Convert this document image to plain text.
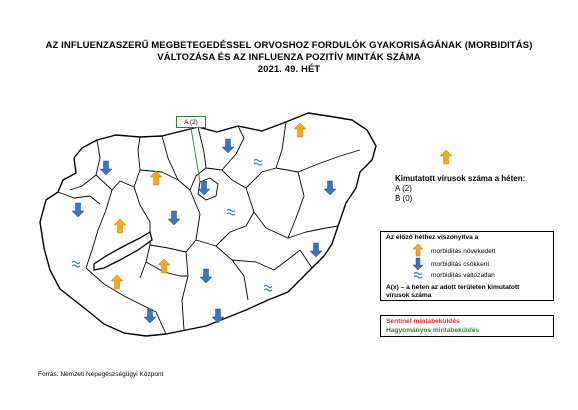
AZ INFLUENZASZERŰ MEGBETEGEDÉSSEL ORVOSHOZ FORDULÓK GYAKORISÁGÁNAK (MORBIDITÁS)
VÁLTOZÁSA ÉS AZ INFLUENZA POZITÍV MINTÁK SZÁMA
2021. 49. HÉT
A (2)
Kimutatott vírusok száma a héten:
A (2)
B (0)
Az előző héthez viszonyítva a
morbiditás növekedett
morbiditás csökkent
morbiditás változatlan
A(x) – a héten az adott területen kimutatott
vírusok száma
Sentinel mintabeküldés
Hagyományos mintabeküldés
Forrás: Nemzeti Népegészségügyi Központ
